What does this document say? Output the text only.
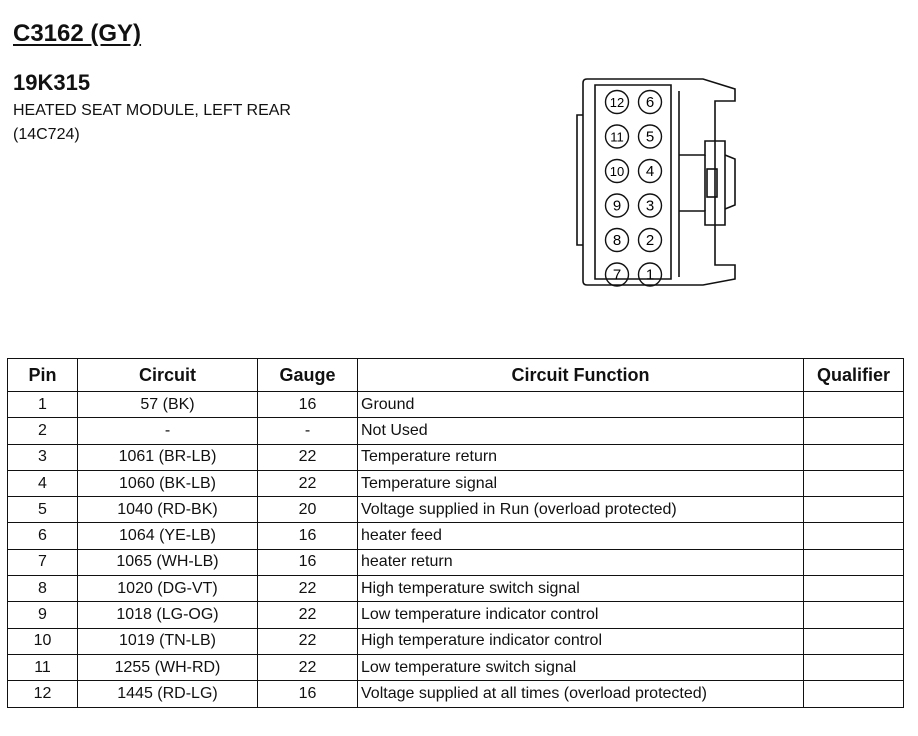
C3162 (GY)
19K315
HEATED SEAT MODULE, LEFT REAR
(14C724)
12
11
10
9
8
7
6
5
4
3
2
1
Pin	Circuit	Gauge	Circuit Function	Qualifier
1	57 (BK)	16	Ground	
2	-	-	Not Used	
3	1061 (BR-LB)	22	Temperature return	
4	1060 (BK-LB)	22	Temperature signal	
5	1040 (RD-BK)	20	Voltage supplied in Run (overload protected)	
6	1064 (YE-LB)	16	heater feed	
7	1065 (WH-LB)	16	heater return	
8	1020 (DG-VT)	22	High temperature switch signal	
9	1018 (LG-OG)	22	Low temperature indicator control	
10	1019 (TN-LB)	22	High temperature indicator control	
11	1255 (WH-RD)	22	Low temperature switch signal	
12	1445 (RD-LG)	16	Voltage supplied at all times (overload protected)	
